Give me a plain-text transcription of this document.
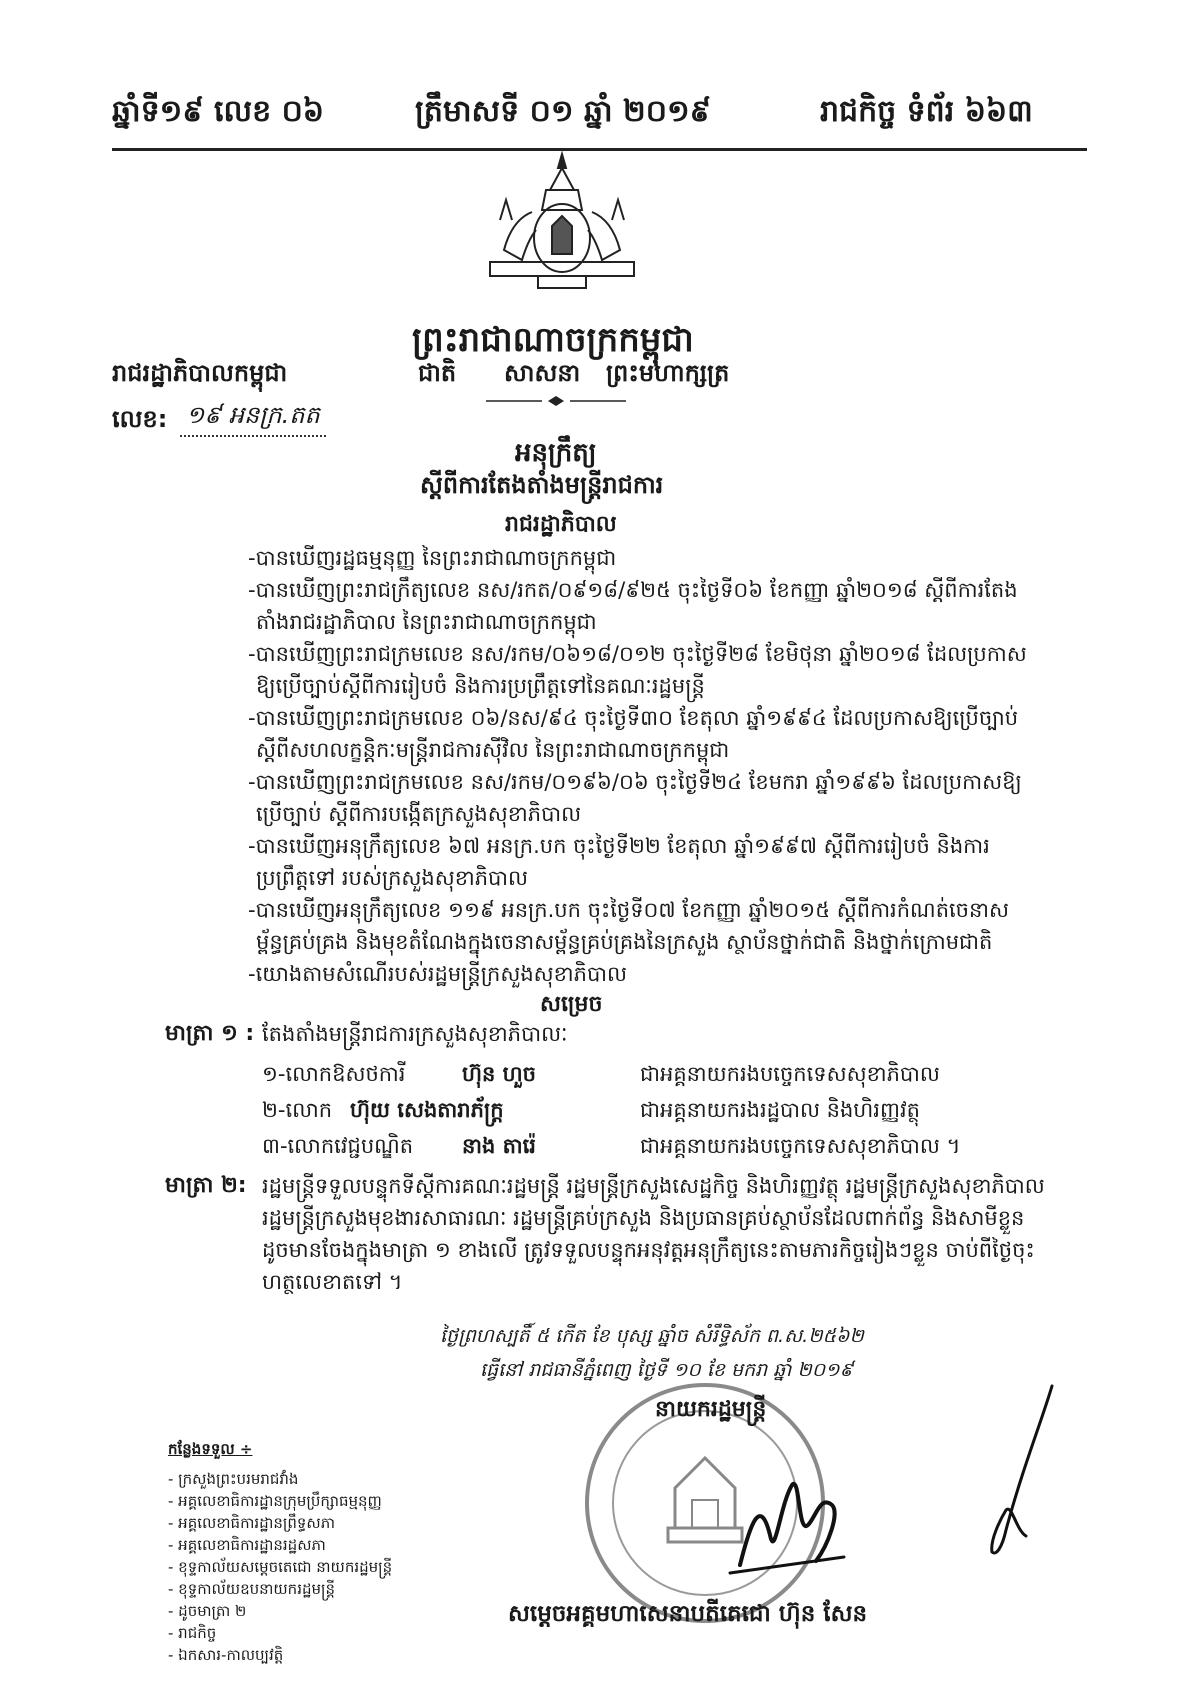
ឆ្នាំទី១៩ លេខ ០៦	ត្រឹមាសទី ០១ ឆ្នាំ ២០១៩	រាជកិច្ច ទំព័រ ៦៦៣
ព្រះរាជាណាចក្រកម្ពុជា
ជាតិ សាសនា ព្រះមហាក្សត្រ
រាជរដ្ឋាភិបាលកម្ពុជា
លេខ: ១៩ អនក្រ.តត
អនុក្រឹត្យ
ស្តីពីការតែងតាំងមន្ត្រីរាជការ
រាជរដ្ឋាភិបាល
-បានឃើញរដ្ឋធម្មនុញ្ញ នៃព្រះរាជាណាចក្រកម្ពុជា
-បានឃើញព្រះរាជក្រឹត្យលេខ នស/រកត/០៩១៨/៩២៥ ចុះថ្ងៃទី០៦ ខែកញ្ញា ឆ្នាំ២០១៨ ស្តីពីការតែង
តាំងរាជរដ្ឋាភិបាល នៃព្រះរាជាណាចក្រកម្ពុជា
-បានឃើញព្រះរាជក្រមលេខ នស/រកម/០៦១៨/០១២ ចុះថ្ងៃទី២៨ ខែមិថុនា ឆ្នាំ២០១៨ ដែលប្រកាស
ឱ្យប្រើច្បាប់ស្តីពីការរៀបចំ និងការប្រព្រឹត្តទៅនៃគណៈរដ្ឋមន្ត្រី
-បានឃើញព្រះរាជក្រមលេខ ០៦/នស/៩៤ ចុះថ្ងៃទី៣០ ខែតុលា ឆ្នាំ១៩៩៤ ដែលប្រកាសឱ្យប្រើច្បាប់
ស្តីពីសហលក្ខន្តិកៈមន្ត្រីរាជការស៊ីវិល នៃព្រះរាជាណាចក្រកម្ពុជា
-បានឃើញព្រះរាជក្រមលេខ នស/រកម/០១៩៦/០៦ ចុះថ្ងៃទី២៤ ខែមករា ឆ្នាំ១៩៩៦ ដែលប្រកាសឱ្យ
ប្រើច្បាប់ ស្តីពីការបង្កើតក្រសួងសុខាភិបាល
-បានឃើញអនុក្រឹត្យលេខ ៦៧ អនក្រ.បក ចុះថ្ងៃទី២២ ខែតុលា ឆ្នាំ១៩៩៧ ស្តីពីការរៀបចំ និងការ
ប្រព្រឹត្តទៅ របស់ក្រសួងសុខាភិបាល
-បានឃើញអនុក្រឹត្យលេខ ១១៩ អនក្រ.បក ចុះថ្ងៃទី០៧ ខែកញ្ញា ឆ្នាំ២០១៥ ស្តីពីការកំណត់ចេនាស
ម្ព័ន្ធគ្រប់គ្រង និងមុខតំណែងក្នុងចេនាសម្ព័ន្ធគ្រប់គ្រងនៃក្រសួង ស្ថាប័នថ្នាក់ជាតិ និងថ្នាក់ក្រោមជាតិ
-យោងតាមសំណើរបស់រដ្ឋមន្ត្រីក្រសួងសុខាភិបាល
សម្រេច
មាត្រា ១ : តែងតាំងមន្ត្រីរាជការក្រសួងសុខាភិបាលៈ
១-លោកឱសថការី	ហ៊ុន ហួច	ជាអគ្គនាយករងបច្ចេកទេសសុខាភិបាល
២-លោក ហ៊ុយ សេងតារាភ័ក្ត្រ	ជាអគ្គនាយករងរដ្ឋបាល និងហិរញ្ញវត្ថុ
៣-លោកវេជ្ជបណ្ឌិត នាង តារ៉េ	ជាអគ្គនាយករងបច្ចេកទេសសុខាភិបាល ។
មាត្រា ២: រដ្ឋមន្ត្រីទទួលបន្ទុកទីស្តីការគណៈរដ្ឋមន្ត្រី រដ្ឋមន្ត្រីក្រសួងសេដ្ឋកិច្ច និងហិរញ្ញវត្ថុ រដ្ឋមន្ត្រីក្រសួងសុខាភិបាល
រដ្ឋមន្ត្រីក្រសួងមុខងារសាធារណៈ រដ្ឋមន្ត្រីគ្រប់ក្រសួង និងប្រធានគ្រប់ស្ថាប័នដែលពាក់ព័ន្ធ និងសាមីខ្លួន
ដូចមានចែងក្នុងមាត្រា ១ ខាងលើ ត្រូវទទួលបន្ទុកអនុវត្តអនុក្រឹត្យនេះតាមភារកិច្ចរៀងៗខ្លួន ចាប់ពីថ្ងៃចុះ
ហត្ថលេខាតទៅ ។
ថ្ងៃព្រហស្បតិ៍ ៥ កើត ខែ បុស្ស ឆ្នាំច សំរឹទ្ធិស័ក ព.ស.២៥៦២
ធ្វើនៅ រាជធានីភ្នំពេញ ថ្ងៃទី ១០ ខែ មករា ឆ្នាំ ២០១៩
នាយករដ្ឋមន្ត្រី
សម្តេចអគ្គមហាសេនាបតីតេជោ ហ៊ុន សែន
កន្លែងទទួល ÷
- ក្រសួងព្រះបរមរាជវាំង
- អគ្គលេខាធិការដ្ឋានក្រុមប្រឹក្សាធម្មនុញ្ញ
- អគ្គលេខាធិការដ្ឋានព្រឹទ្ធសភា
- អគ្គលេខាធិការដ្ឋានរដ្ឋសភា
- ខុទ្ទកាល័យសម្តេចតេជោ នាយករដ្ឋមន្ត្រី
- ខុទ្ទកាល័យឧបនាយករដ្ឋមន្ត្រី
- ដូចមាត្រា ២
- រាជកិច្ច
- ឯកសារ-កាលប្បវត្តិ
